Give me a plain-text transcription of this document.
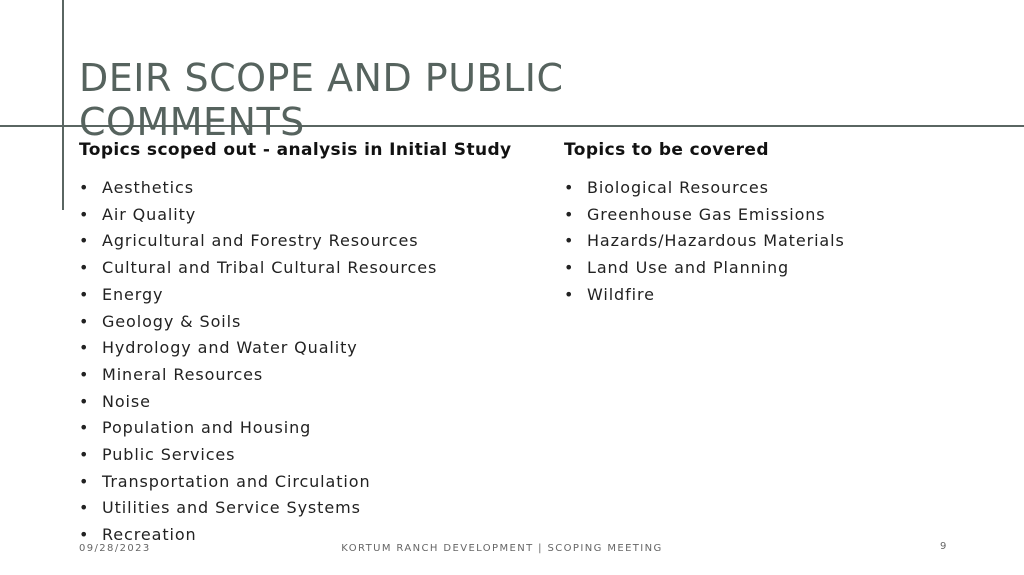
DEIR SCOPE AND PUBLIC COMMENTS
Topics scoped out - analysis in Initial Study
• Aesthetics
• Air Quality
• Agricultural and Forestry Resources
• Cultural and Tribal Cultural Resources
• Energy
• Geology & Soils
• Hydrology and Water Quality
• Mineral Resources
• Noise
• Population and Housing
• Public Services
• Transportation and Circulation
• Utilities and Service Systems
• Recreation
Topics to be covered
• Biological Resources
• Greenhouse Gas Emissions
• Hazards/Hazardous Materials
• Land Use and Planning
• Wildfire
09/28/2023	KORTUM RANCH DEVELOPMENT | SCOPING MEETING	9
